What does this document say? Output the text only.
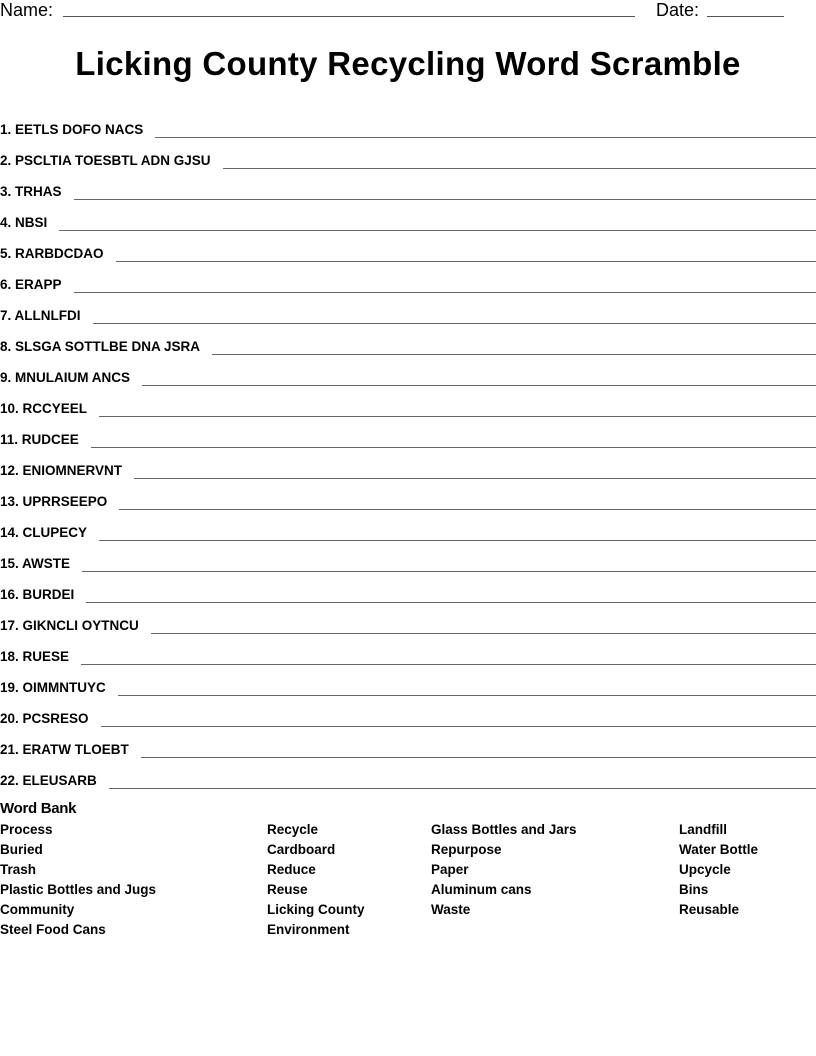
Name:	Date:
Licking County Recycling Word Scramble
1. EETLS DOFO NACS
2. PSCLTIA TOESBTL ADN GJSU
3. TRHAS
4. NBSI
5. RARBDCDAO
6. ERAPP
7. ALLNLFDI
8. SLSGA SOTTLBE DNA JSRA
9. MNULAIUM ANCS
10. RCCYEEL
11. RUDCEE
12. ENIOMNERVNT
13. UPRRSEEPO
14. CLUPECY
15. AWSTE
16. BURDEI
17. GIKNCLI OYTNCU
18. RUESE
19. OIMMNTUYC
20. PCSRESO
21. ERATW TLOEBT
22. ELEUSARB
Word Bank
Process
Buried
Trash
Plastic Bottles and Jugs
Community
Steel Food Cans
Recycle
Cardboard
Reduce
Reuse
Licking County
Environment
Glass Bottles and Jars
Repurpose
Paper
Aluminum cans
Waste
Landfill
Water Bottle
Upcycle
Bins
Reusable
